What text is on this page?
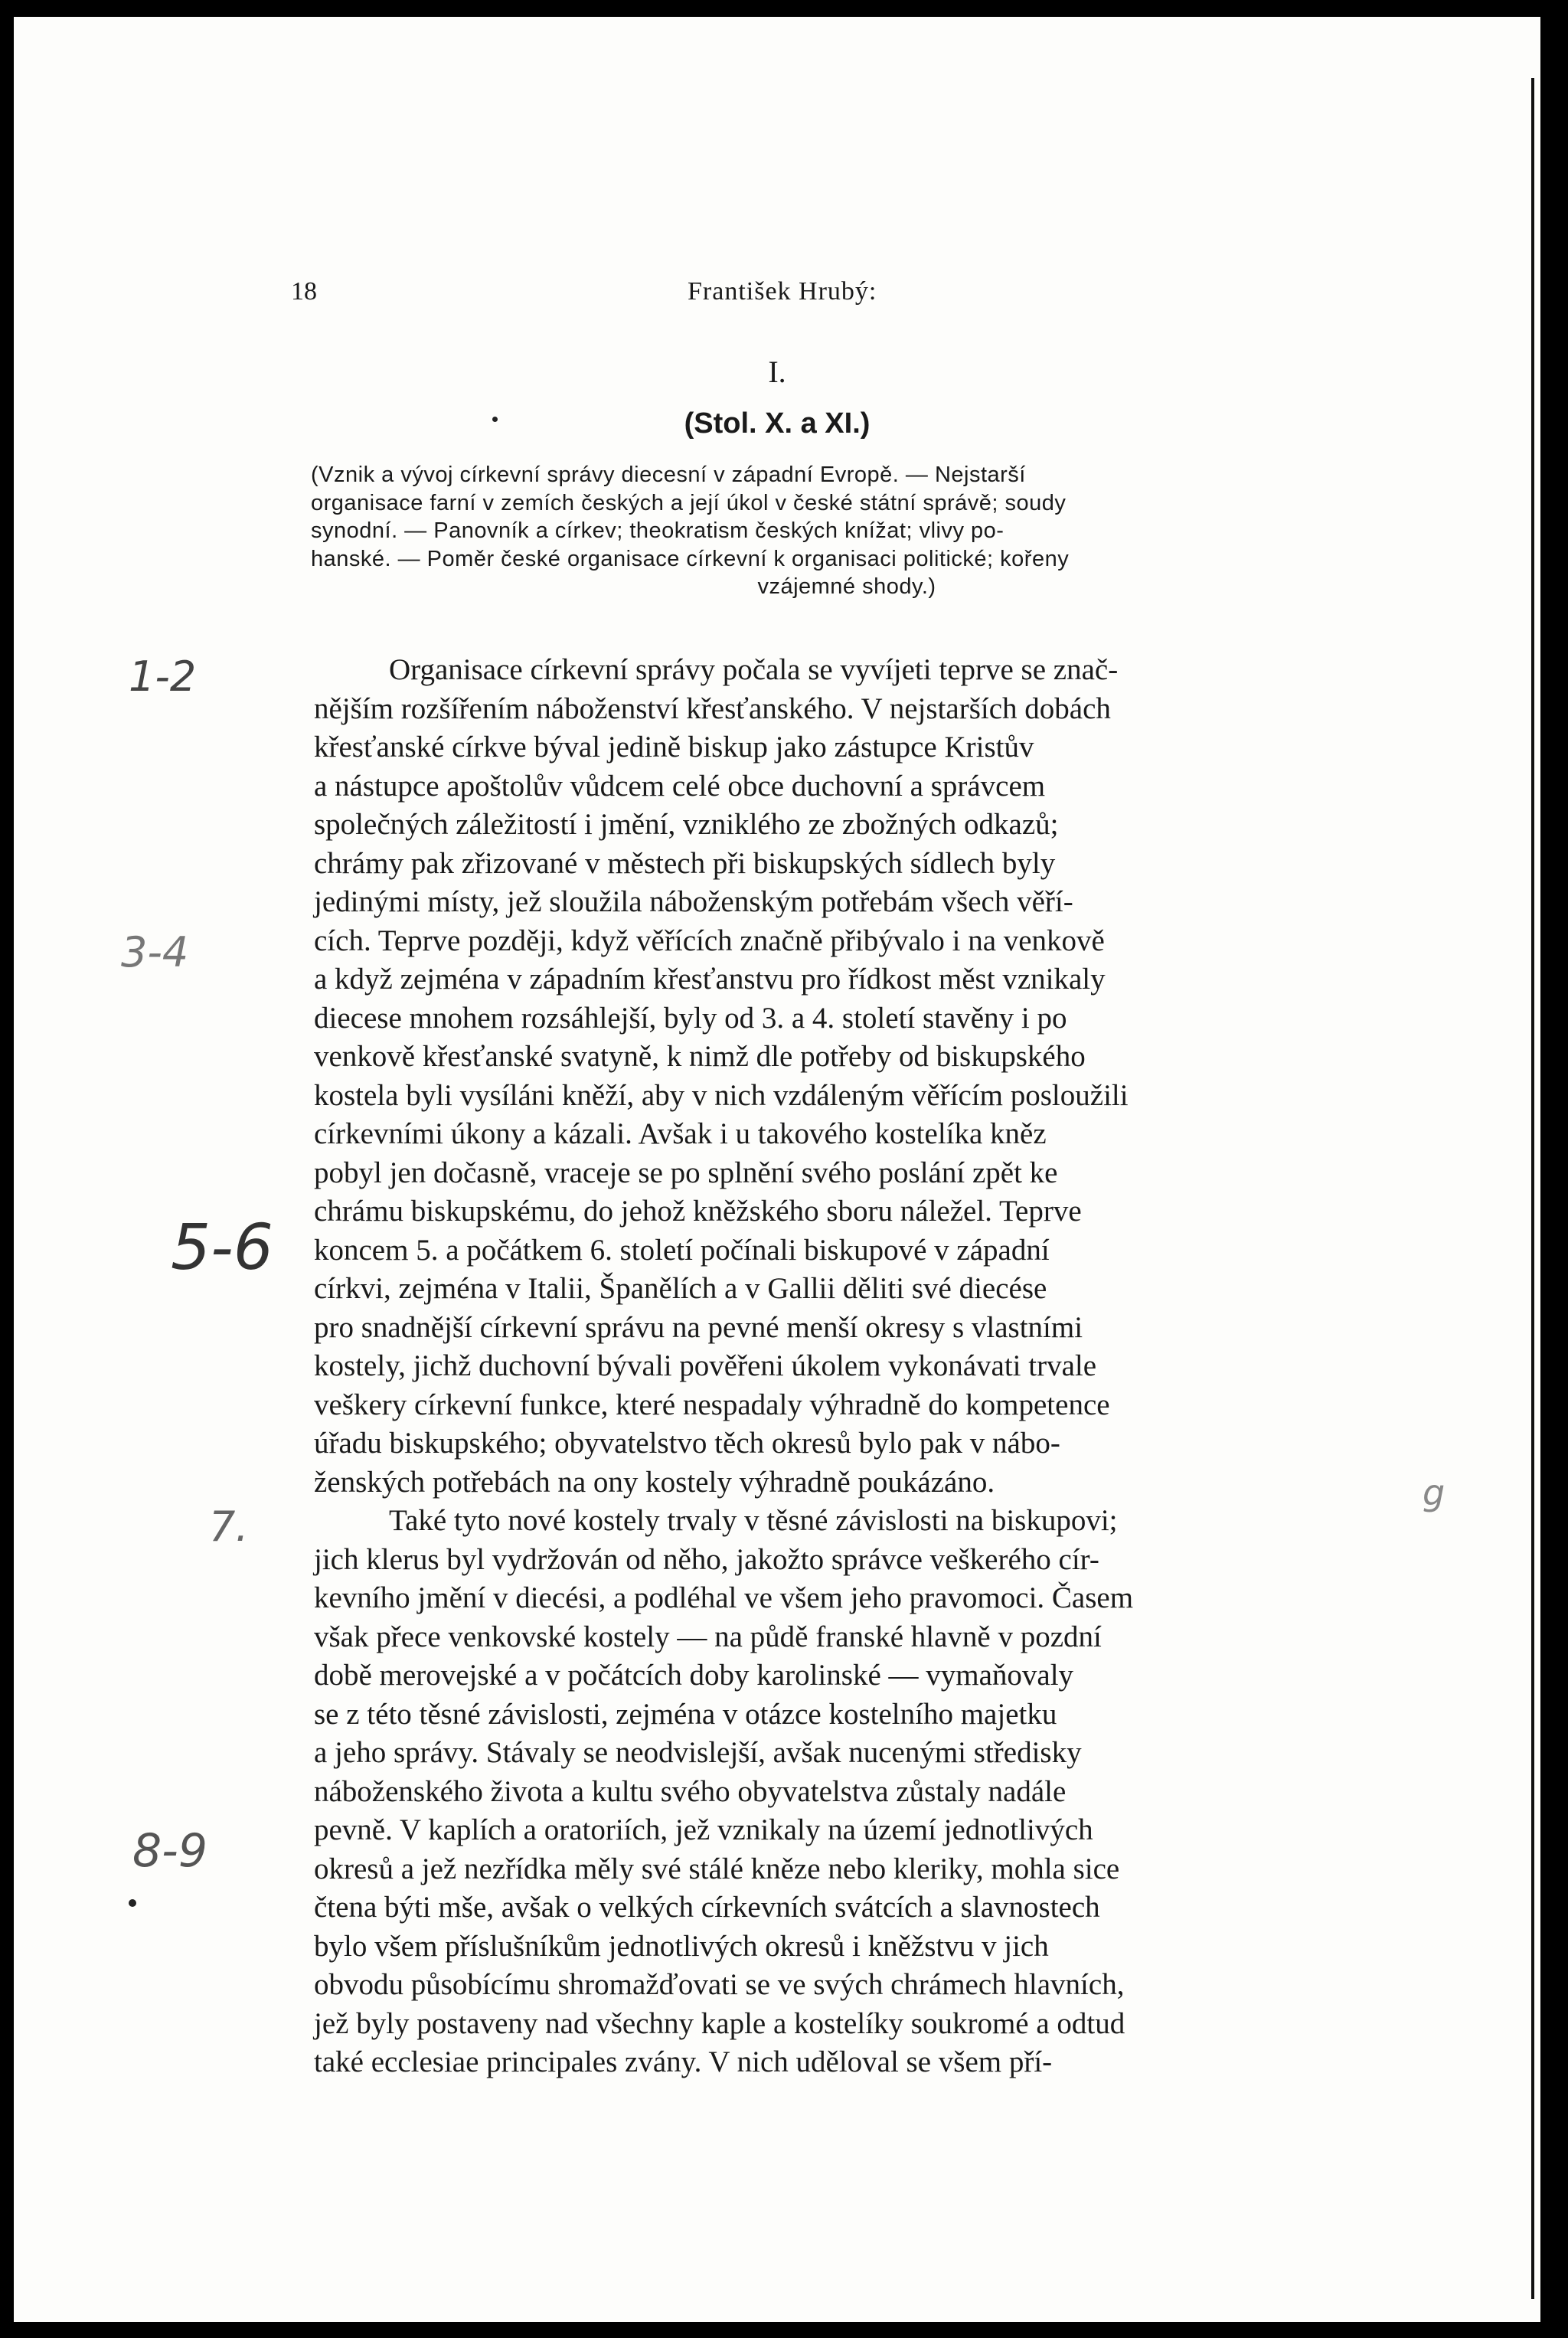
18	František Hrubý:
I.
(Stol. X. a XI.)
(Vznik a vývoj církevní správy diecesní v západní Evropě. — Nejstarší
organisace farní v zemích českých a její úkol v české státní správě; soudy
synodní. — Panovník a církev; theokratism českých knížat; vlivy po-
hanské. — Poměr české organisace církevní k organisaci politické; kořeny
vzájemné shody.)
Organisace církevní správy počala se vyvíjeti teprve se znač-
nějším rozšířením náboženství křesťanského. V nejstarších dobách
křesťanské církve býval jedině biskup jako zástupce Kristův
a nástupce apoštolův vůdcem celé obce duchovní a správcem
společných záležitostí i jmění, vzniklého ze zbožných odkazů;
chrámy pak zřizované v městech při biskupských sídlech byly
jedinými místy, jež sloužila náboženským potřebám všech věří-
cích. Teprve později, když věřících značně přibývalo i na venkově
a když zejména v západním křesťanstvu pro řídkost měst vznikaly
diecese mnohem rozsáhlejší, byly od 3. a 4. století stavěny i po
venkově křesťanské svatyně, k nimž dle potřeby od biskupského
kostela byli vysíláni kněží, aby v nich vzdáleným věřícím posloužili
církevními úkony a kázali. Avšak i u takového kostelíka kněz
pobyl jen dočasně, vraceje se po splnění svého poslání zpět ke
chrámu biskupskému, do jehož kněžského sboru náležel. Teprve
koncem 5. a počátkem 6. století počínali biskupové v západní
církvi, zejména v Italii, Španělích a v Gallii děliti své diecése
pro snadnější církevní správu na pevné menší okresy s vlastními
kostely, jichž duchovní bývali pověřeni úkolem vykonávati trvale
veškery církevní funkce, které nespadaly výhradně do kompetence
úřadu biskupského; obyvatelstvo těch okresů bylo pak v nábo-
ženských potřebách na ony kostely výhradně poukázáno.
Také tyto nové kostely trvaly v těsné závislosti na biskupovi;
jich klerus byl vydržován od něho, jakožto správce veškerého cír-
kevního jmění v diecési, a podléhal ve všem jeho pravomoci. Časem
však přece venkovské kostely — na půdě franské hlavně v pozdní
době merovejské a v počátcích doby karolinské — vymaňovaly
se z této těsné závislosti, zejména v otázce kostelního majetku
a jeho správy. Stávaly se neodvislejší, avšak nucenými středisky
náboženského života a kultu svého obyvatelstva zůstaly nadále
pevně. V kaplích a oratoriích, jež vznikaly na území jednotlivých
okresů a jež nezřídka měly své stálé kněze nebo kleriky, mohla sice
čtena býti mše, avšak o velkých církevních svátcích a slavnostech
bylo všem příslušníkům jednotlivých okresů i kněžstvu v jich
obvodu působícímu shromažďovati se ve svých chrámech hlavních,
jež byly postaveny nad všechny kaple a kostelíky soukromé a odtud
také ecclesiae principales zvány. V nich uděloval se všem pří-
1-2
3-4
5-6
7.
8-9
g
